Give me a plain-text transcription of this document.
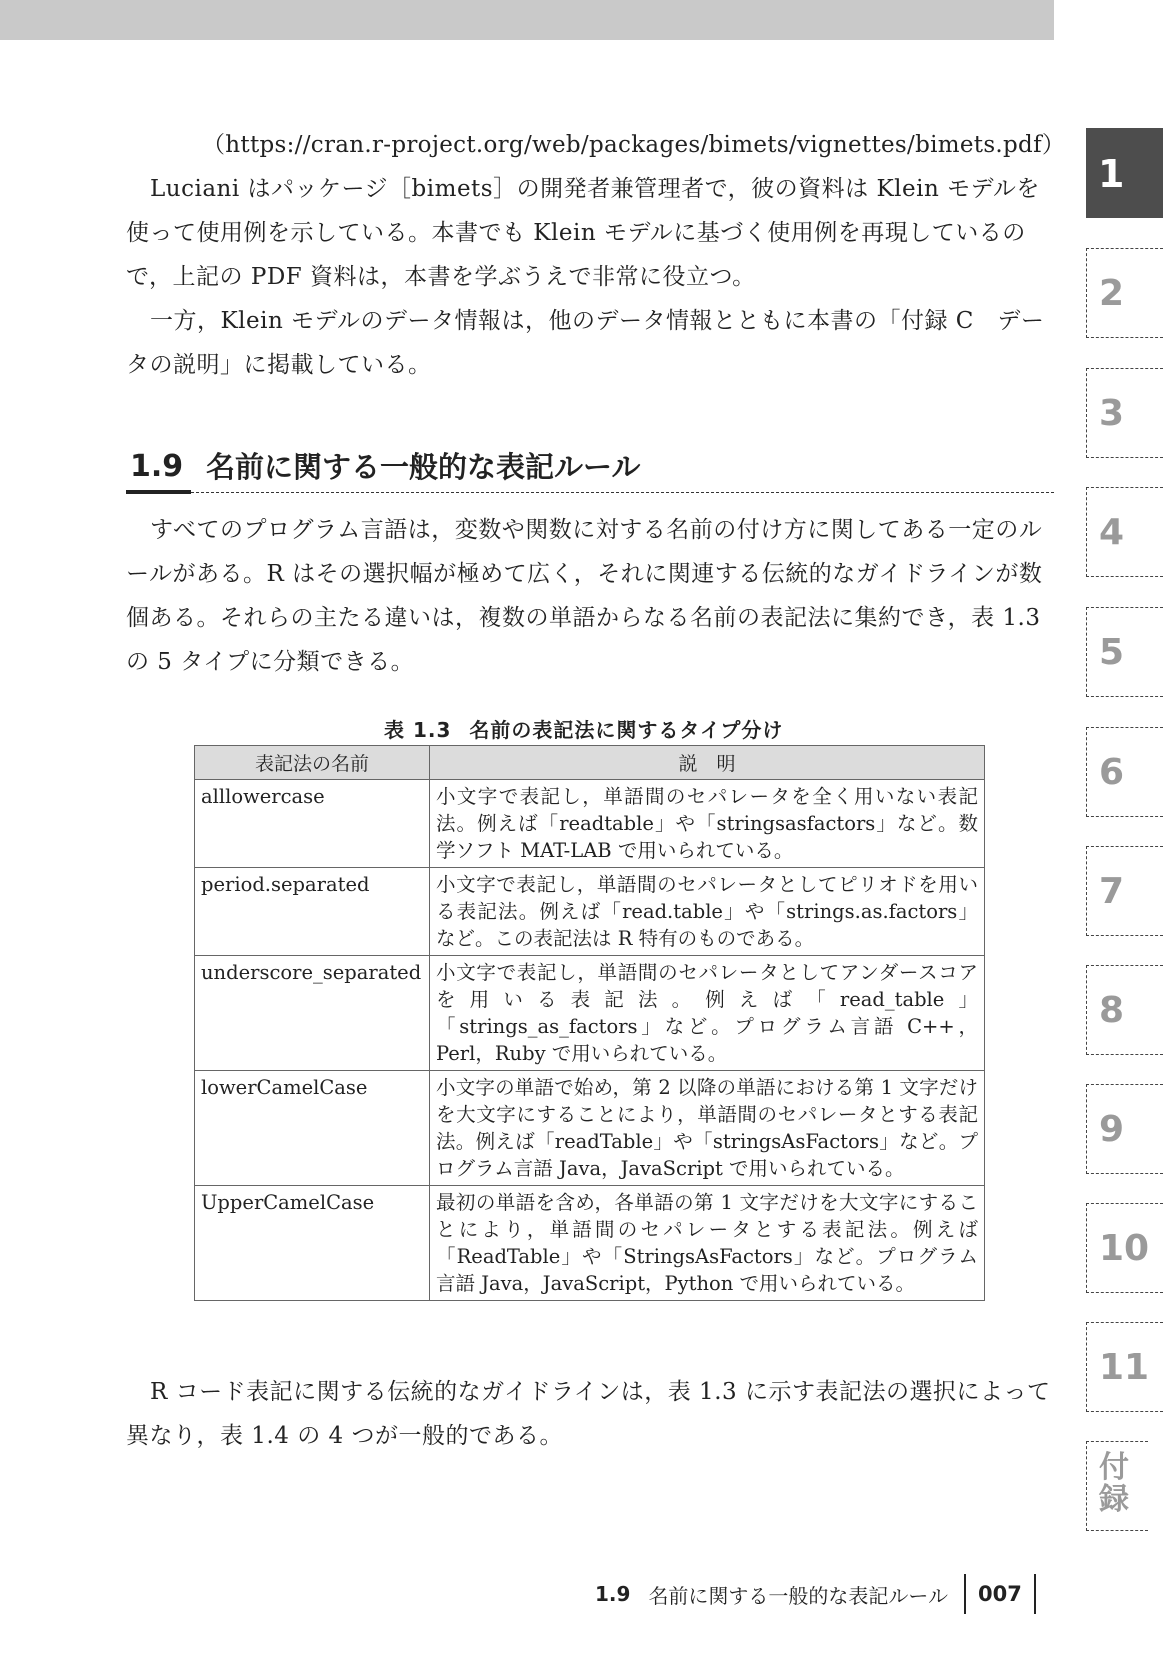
（https://cran.r-project.org/web/packages/bimets/vignettes/bimets.pdf）
Luciani はパッケージ［bimets］の開発者兼管理者で，彼の資料は Klein モデルを使って使用例を示している。本書でも Klein モデルに基づく使用例を再現しているので，上記の PDF 資料は，本書を学ぶうえで非常に役立つ。
一方，Klein モデルのデータ情報は，他のデータ情報とともに本書の「付録 C　データの説明」に掲載している。
1.9 名前に関する一般的な表記ルール
すべてのプログラム言語は，変数や関数に対する名前の付け方に関してある一定のルールがある。R はその選択幅が極めて広く，それに関連する伝統的なガイドラインが数個ある。それらの主たる違いは，複数の単語からなる名前の表記法に集約でき，表 1.3 の 5 タイプに分類できる。
表 1.3 名前の表記法に関するタイプ分け
表記法の名前	説　明
alllowercase	小文字で表記し，単語間のセパレータを全く用いない表記法。例えば「readtable」や「stringsasfactors」など。数学ソフト MAT-LAB で用いられている。
period.separated	小文字で表記し，単語間のセパレータとしてピリオドを用いる表記法。例えば「read.table」や「strings.as.factors」など。この表記法は R 特有のものである。
underscore_separated	小文字で表記し，単語間のセパレータとしてアンダースコアを用いる表記法。例えば「read_table」「strings_as_factors」など。プログラム言語 C++，Perl，Ruby で用いられている。
lowerCamelCase	小文字の単語で始め，第 2 以降の単語における第 1 文字だけを大文字にすることにより，単語間のセパレータとする表記法。例えば「readTable」や「stringsAsFactors」など。プログラム言語 Java，JavaScript で用いられている。
UpperCamelCase	最初の単語を含め，各単語の第 1 文字だけを大文字にすることにより，単語間のセパレータとする表記法。例えば「ReadTable」や「StringsAsFactors」など。プログラム言語 Java，JavaScript，Python で用いられている。
R コード表記に関する伝統的なガイドラインは，表 1.3 に示す表記法の選択によって異なり，表 1.4 の 4 つが一般的である。
1
2
3
4
5
6
7
8
9
10
11
付録
1.9 名前に関する一般的な表記ルール 007
